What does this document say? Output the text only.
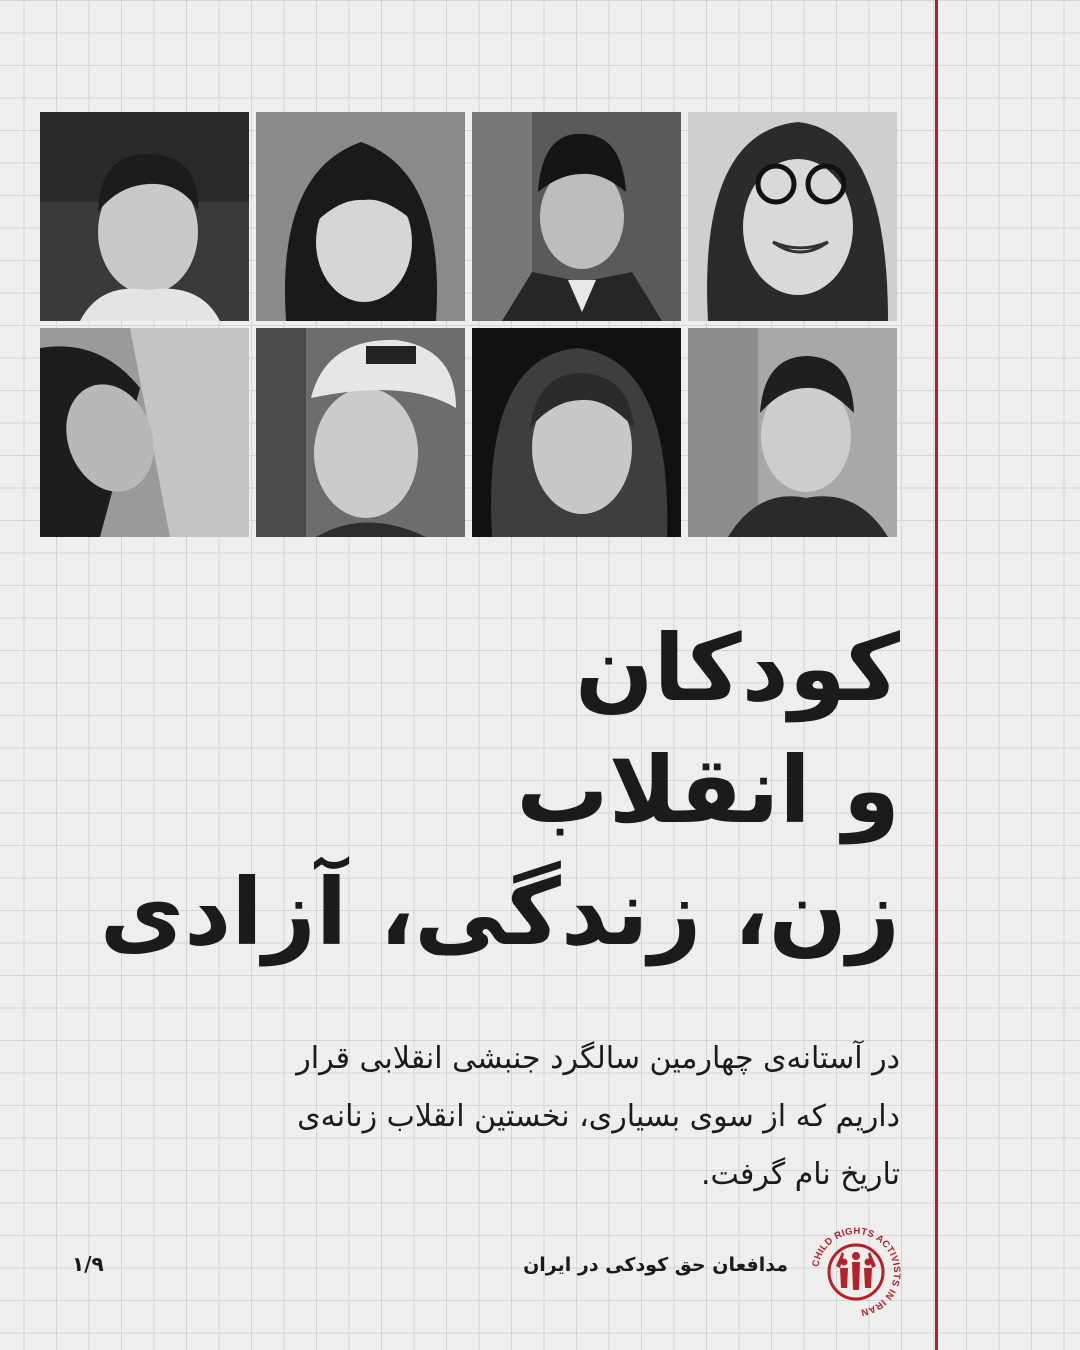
کودکان
و انقلاب
زن، زندگی، آزادی
در آستانه‌ی چهارمین سالگرد جنبشی انقلابی قرار
داریم که از سوی بسیاری، نخستین انقلاب زنانه‌ی
تاریخ نام گرفت.
۱/۹	مدافعان حق کودکی در ایران CHILD RIGHTS ACTIVISTS IN IRAN
